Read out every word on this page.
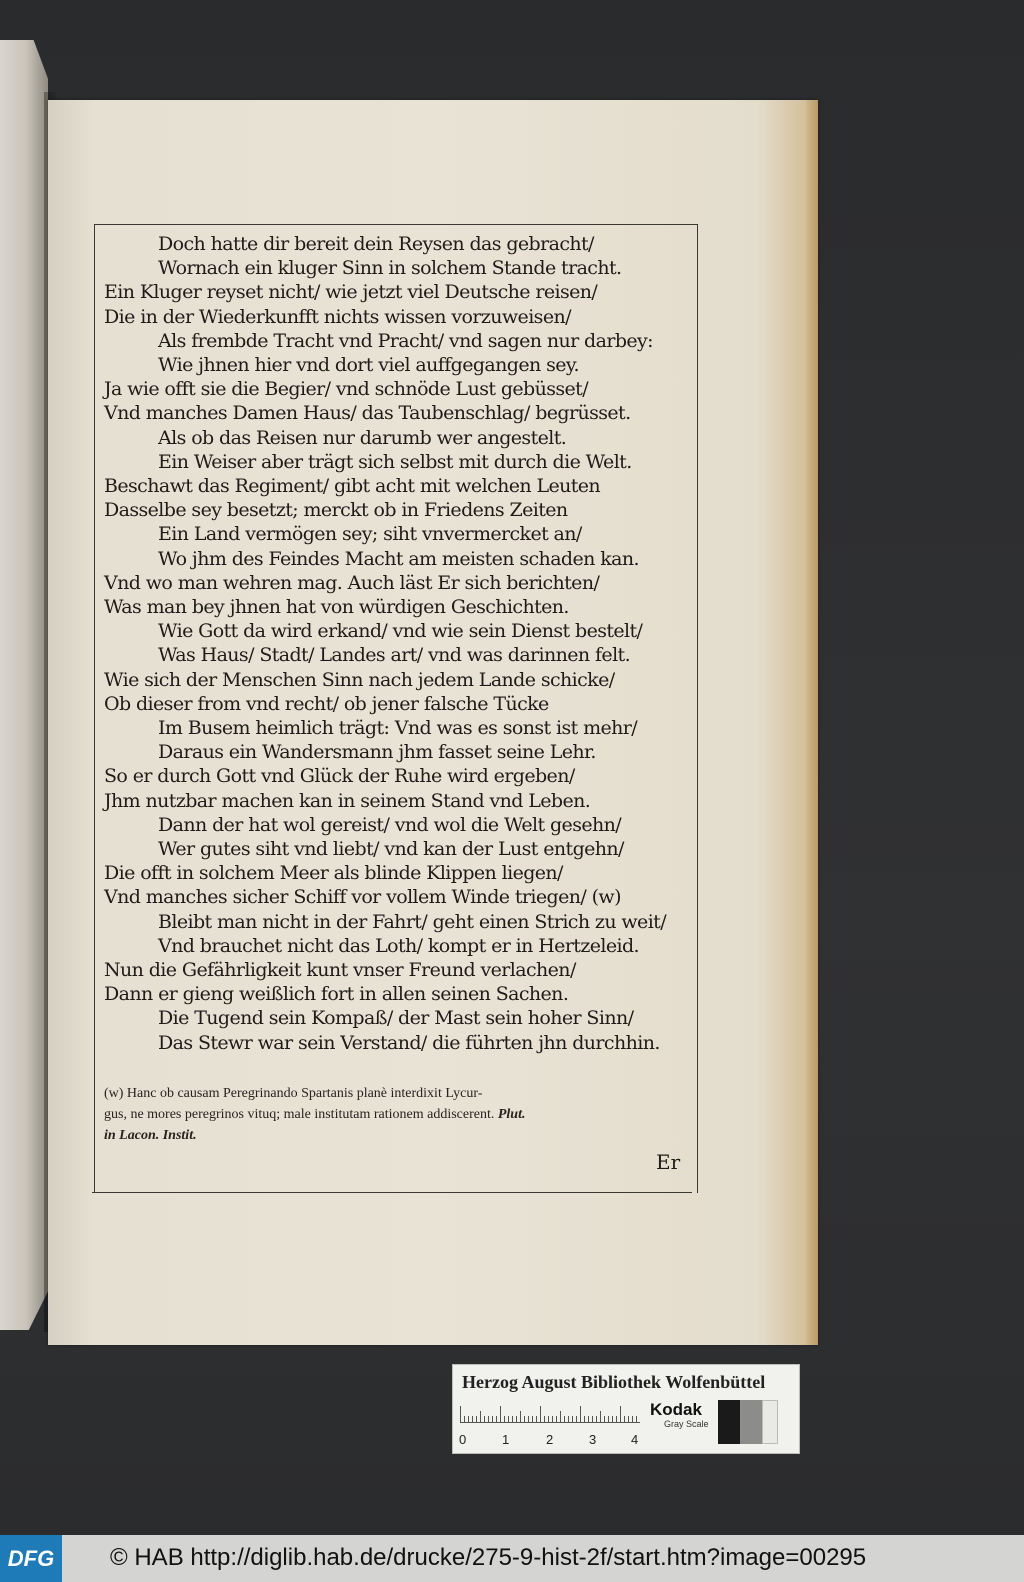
Doch hatte dir bereit dein Reysen das gebracht/

Wornach ein kluger Sinn in solchem Stande tracht.

Ein Kluger reyset nicht/ wie jetzt viel Deutsche reisen/

Die in der Wiederkunfft nichts wissen vorzuweisen/

Als frembde Tracht vnd Pracht/ vnd sagen nur darbey:

Wie jhnen hier vnd dort viel auffgegangen sey.

Ja wie offt sie die Begier/ vnd schnöde Lust gebüsset/

Vnd manches Damen Haus/ das Taubenschlag/ begrüsset.

Als ob das Reisen nur darumb wer angestelt.

Ein Weiser aber trägt sich selbst mit durch die Welt.

Beschawt das Regiment/ gibt acht mit welchen Leuten

Dasselbe sey besetzt; merckt ob in Friedens Zeiten

Ein Land vermögen sey; siht vnvermercket an/

Wo jhm des Feindes Macht am meisten schaden kan.

Vnd wo man wehren mag. Auch läst Er sich berichten/

Was man bey jhnen hat von würdigen Geschichten.

Wie Gott da wird erkand/ vnd wie sein Dienst bestelt/

Was Haus/ Stadt/ Landes art/ vnd was darinnen felt.

Wie sich der Menschen Sinn nach jedem Lande schicke/

Ob dieser from vnd recht/ ob jener falsche Tücke

Im Busem heimlich trägt: Vnd was es sonst ist mehr/

Daraus ein Wandersmann jhm fasset seine Lehr.

So er durch Gott vnd Glück der Ruhe wird ergeben/

Jhm nutzbar machen kan in seinem Stand vnd Leben.

Dann der hat wol gereist/ vnd wol die Welt gesehn/

Wer gutes siht vnd liebt/ vnd kan der Lust entgehn/

Die offt in solchem Meer als blinde Klippen liegen/

Vnd manches sicher Schiff vor vollem Winde triegen/ (w)

Bleibt man nicht in der Fahrt/ geht einen Strich zu weit/

Vnd brauchet nicht das Loth/ kompt er in Hertzeleid.

Nun die Gefährligkeit kunt vnser Freund verlachen/

Dann er gieng weißlich fort in allen seinen Sachen.

Die Tugend sein Kompaß/ der Mast sein hoher Sinn/

Das Stewr war sein Verstand/ die führten jhn durchhin.

(w) Hanc ob causam Peregrinando Spartanis planè interdixit Lycur-
gus, ne mores peregrinos vituq; male institutam rationem addiscerent. Plut.
in Lacon. Instit.

Er
Herzog August Bibliothek Wolfenbüttel
0	1	2	3	4
Kodak
Gray Scale
DFG	© HAB http://diglib.hab.de/drucke/275-9-hist-2f/start.htm?image=00295
